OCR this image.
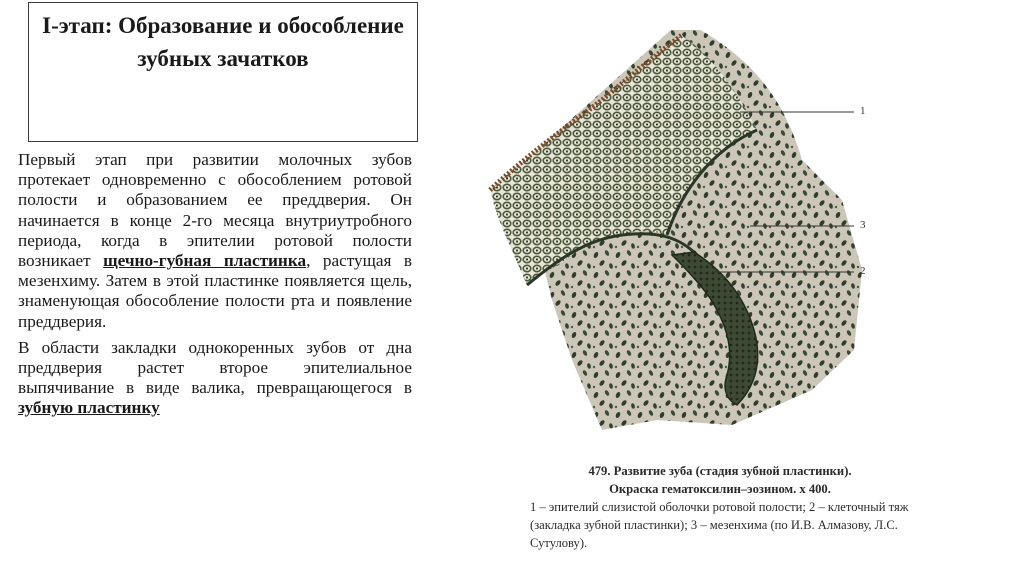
I-этап: Образование и обособление зубных зачатков

Первый этап при развитии молочных зубов протекает одновременно с обособлением ротовой полости и образованием ее преддверия. Он начинается в конце 2-го месяца внутриутробного периода, когда в эпителии ротовой полости возникает щечно-губная пластинка, растущая в мезенхиму. Затем в этой пластинке появляется щель, знаменующая обособление полости рта и появление преддверия.

В области закладки однокоренных зубов от дна преддверия растет второе эпителиальное выпячивание в виде валика, превращающегося в зубную пластинку

1
3
2
479. Развитие зуба (стадия зубной пластинки).
Окраска гематоксилин–эозином. х 400.
1 – эпителий слизистой оболочки ротовой полости; 2 – клеточный тяж (закладка зубной пластинки); 3 – мезенхима (по И.В. Алмазову, Л.С. Сутулову).
